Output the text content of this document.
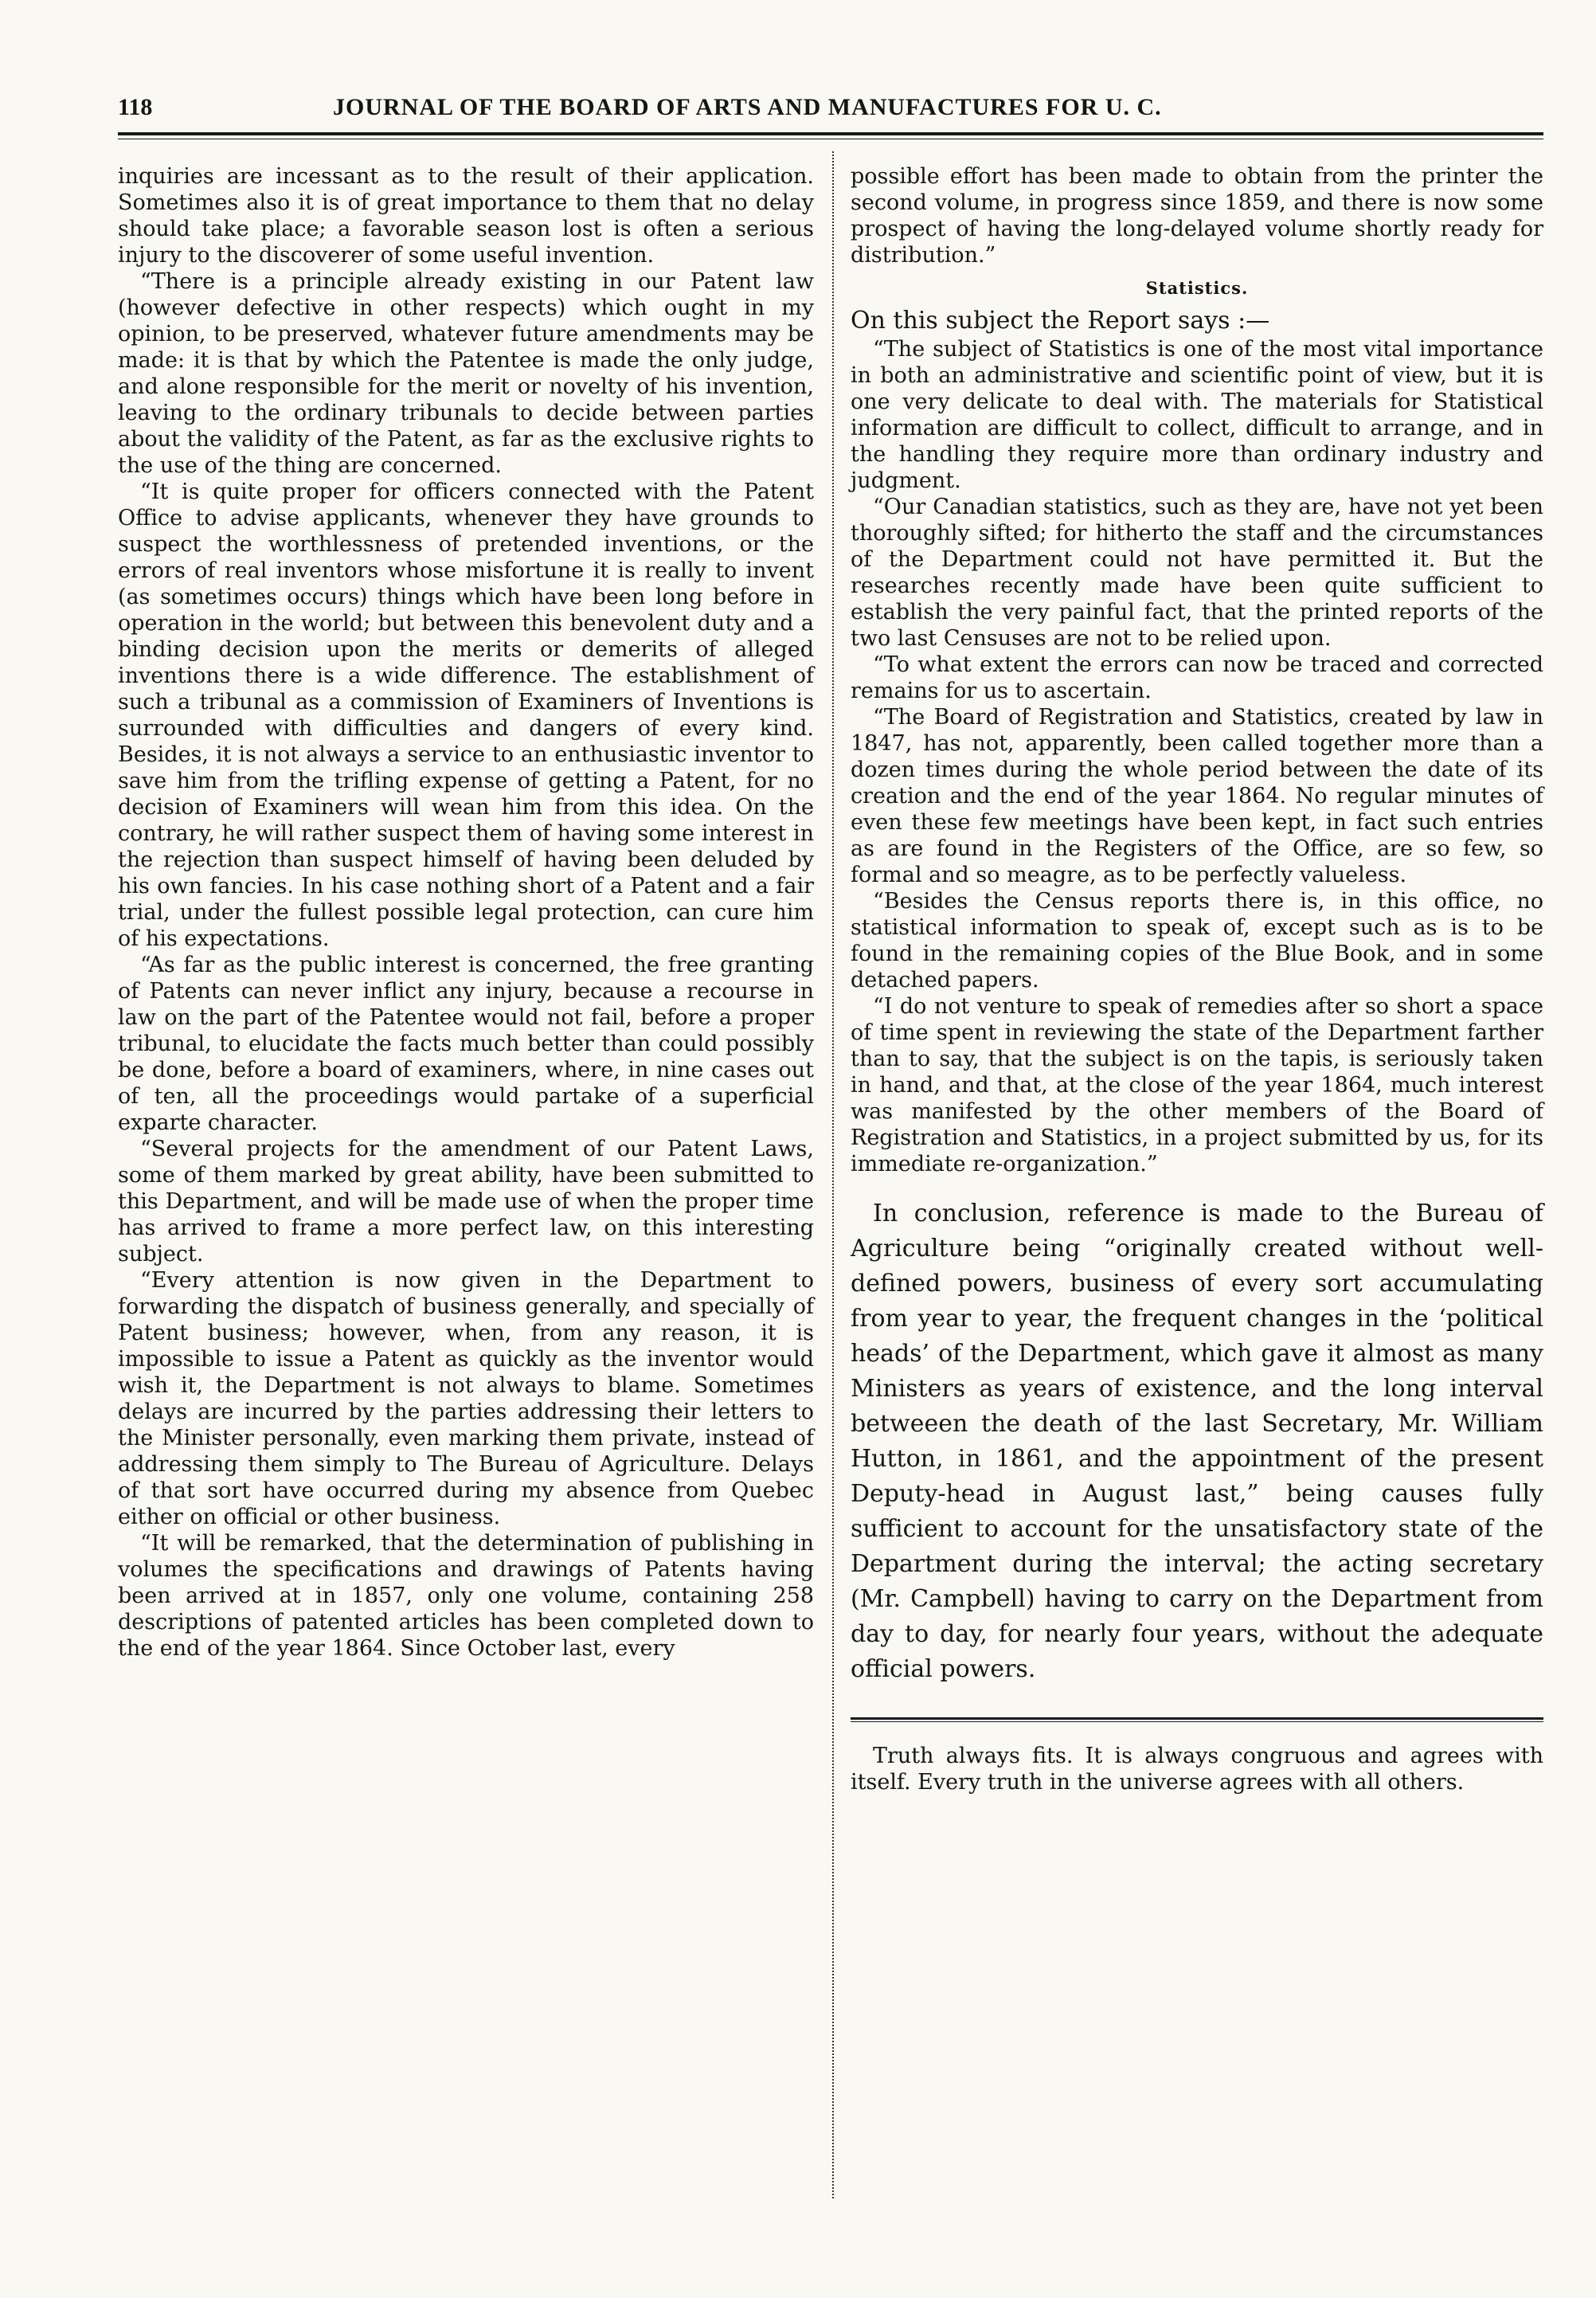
118	JOURNAL OF THE BOARD OF ARTS AND MANUFACTURES FOR U. C.

inquiries are incessant as to the result of their application. Sometimes also it is of great importance to them that no delay should take place; a favorable season lost is often a serious injury to the discoverer of some useful invention.

“There is a principle already existing in our Patent law (however defective in other respects) which ought in my opinion, to be preserved, whatever future amendments may be made: it is that by which the Patentee is made the only judge, and alone responsible for the merit or novelty of his invention, leaving to the ordinary tribunals to decide between parties about the validity of the Patent, as far as the exclusive rights to the use of the thing are concerned.

“It is quite proper for officers connected with the Patent Office to advise applicants, whenever they have grounds to suspect the worthlessness of pretended inventions, or the errors of real inventors whose misfortune it is really to invent (as sometimes occurs) things which have been long before in operation in the world; but between this benevolent duty and a binding decision upon the merits or demerits of alleged inventions there is a wide difference. The establishment of such a tribunal as a commission of Examiners of Inventions is surrounded with difficulties and dangers of every kind. Besides, it is not always a service to an enthusiastic inventor to save him from the trifling expense of getting a Patent, for no decision of Examiners will wean him from this idea. On the contrary, he will rather suspect them of having some interest in the rejection than suspect himself of having been deluded by his own fancies. In his case nothing short of a Patent and a fair trial, under the fullest possible legal protection, can cure him of his expectations.

“As far as the public interest is concerned, the free granting of Patents can never inflict any injury, because a recourse in law on the part of the Patentee would not fail, before a proper tribunal, to elucidate the facts much better than could possibly be done, before a board of examiners, where, in nine cases out of ten, all the proceedings would partake of a superficial exparte character.

“Several projects for the amendment of our Patent Laws, some of them marked by great ability, have been submitted to this Department, and will be made use of when the proper time has arrived to frame a more perfect law, on this interesting subject.

“Every attention is now given in the Department to forwarding the dispatch of business generally, and specially of Patent business; however, when, from any reason, it is impossible to issue a Patent as quickly as the inventor would wish it, the Department is not always to blame. Sometimes delays are incurred by the parties addressing their letters to the Minister personally, even marking them private, instead of addressing them simply to The Bureau of Agriculture. Delays of that sort have occurred during my absence from Quebec either on official or other business.

“It will be remarked, that the determination of publishing in volumes the specifications and drawings of Patents having been arrived at in 1857, only one volume, containing 258 descriptions of patented articles has been completed down to the end of the year 1864. Since October last, every

possible effort has been made to obtain from the printer the second volume, in progress since 1859, and there is now some prospect of having the long-delayed volume shortly ready for distribution.”

Statistics.

On this subject the Report says :—

“The subject of Statistics is one of the most vital importance in both an administrative and scientific point of view, but it is one very delicate to deal with. The materials for Statistical information are difficult to collect, difficult to arrange, and in the handling they require more than ordinary industry and judgment.

“Our Canadian statistics, such as they are, have not yet been thoroughly sifted; for hitherto the staff and the circumstances of the Department could not have permitted it. But the researches recently made have been quite sufficient to establish the very painful fact, that the printed reports of the two last Censuses are not to be relied upon.

“To what extent the errors can now be traced and corrected remains for us to ascertain.

“The Board of Registration and Statistics, created by law in 1847, has not, apparently, been called together more than a dozen times during the whole period between the date of its creation and the end of the year 1864. No regular minutes of even these few meetings have been kept, in fact such entries as are found in the Registers of the Office, are so few, so formal and so meagre, as to be perfectly valueless.

“Besides the Census reports there is, in this office, no statistical information to speak of, except such as is to be found in the remaining copies of the Blue Book, and in some detached papers.

“I do not venture to speak of remedies after so short a space of time spent in reviewing the state of the Department farther than to say, that the subject is on the tapis, is seriously taken in hand, and that, at the close of the year 1864, much interest was manifested by the other members of the Board of Registration and Statistics, in a project submitted by us, for its immediate re-organization.”

In conclusion, reference is made to the Bureau of Agriculture being “originally created without well-defined powers, business of every sort accumulating from year to year, the frequent changes in the ‘political heads’ of the Department, which gave it almost as many Ministers as years of existence, and the long interval betweeen the death of the last Secretary, Mr. William Hutton, in 1861, and the appointment of the present Deputy-head in August last,” being causes fully sufficient to account for the unsatisfactory state of the Department during the interval; the acting secretary (Mr. Campbell) having to carry on the Department from day to day, for nearly four years, without the adequate official powers.

Truth always fits. It is always congruous and agrees with itself. Every truth in the universe agrees with all others.
